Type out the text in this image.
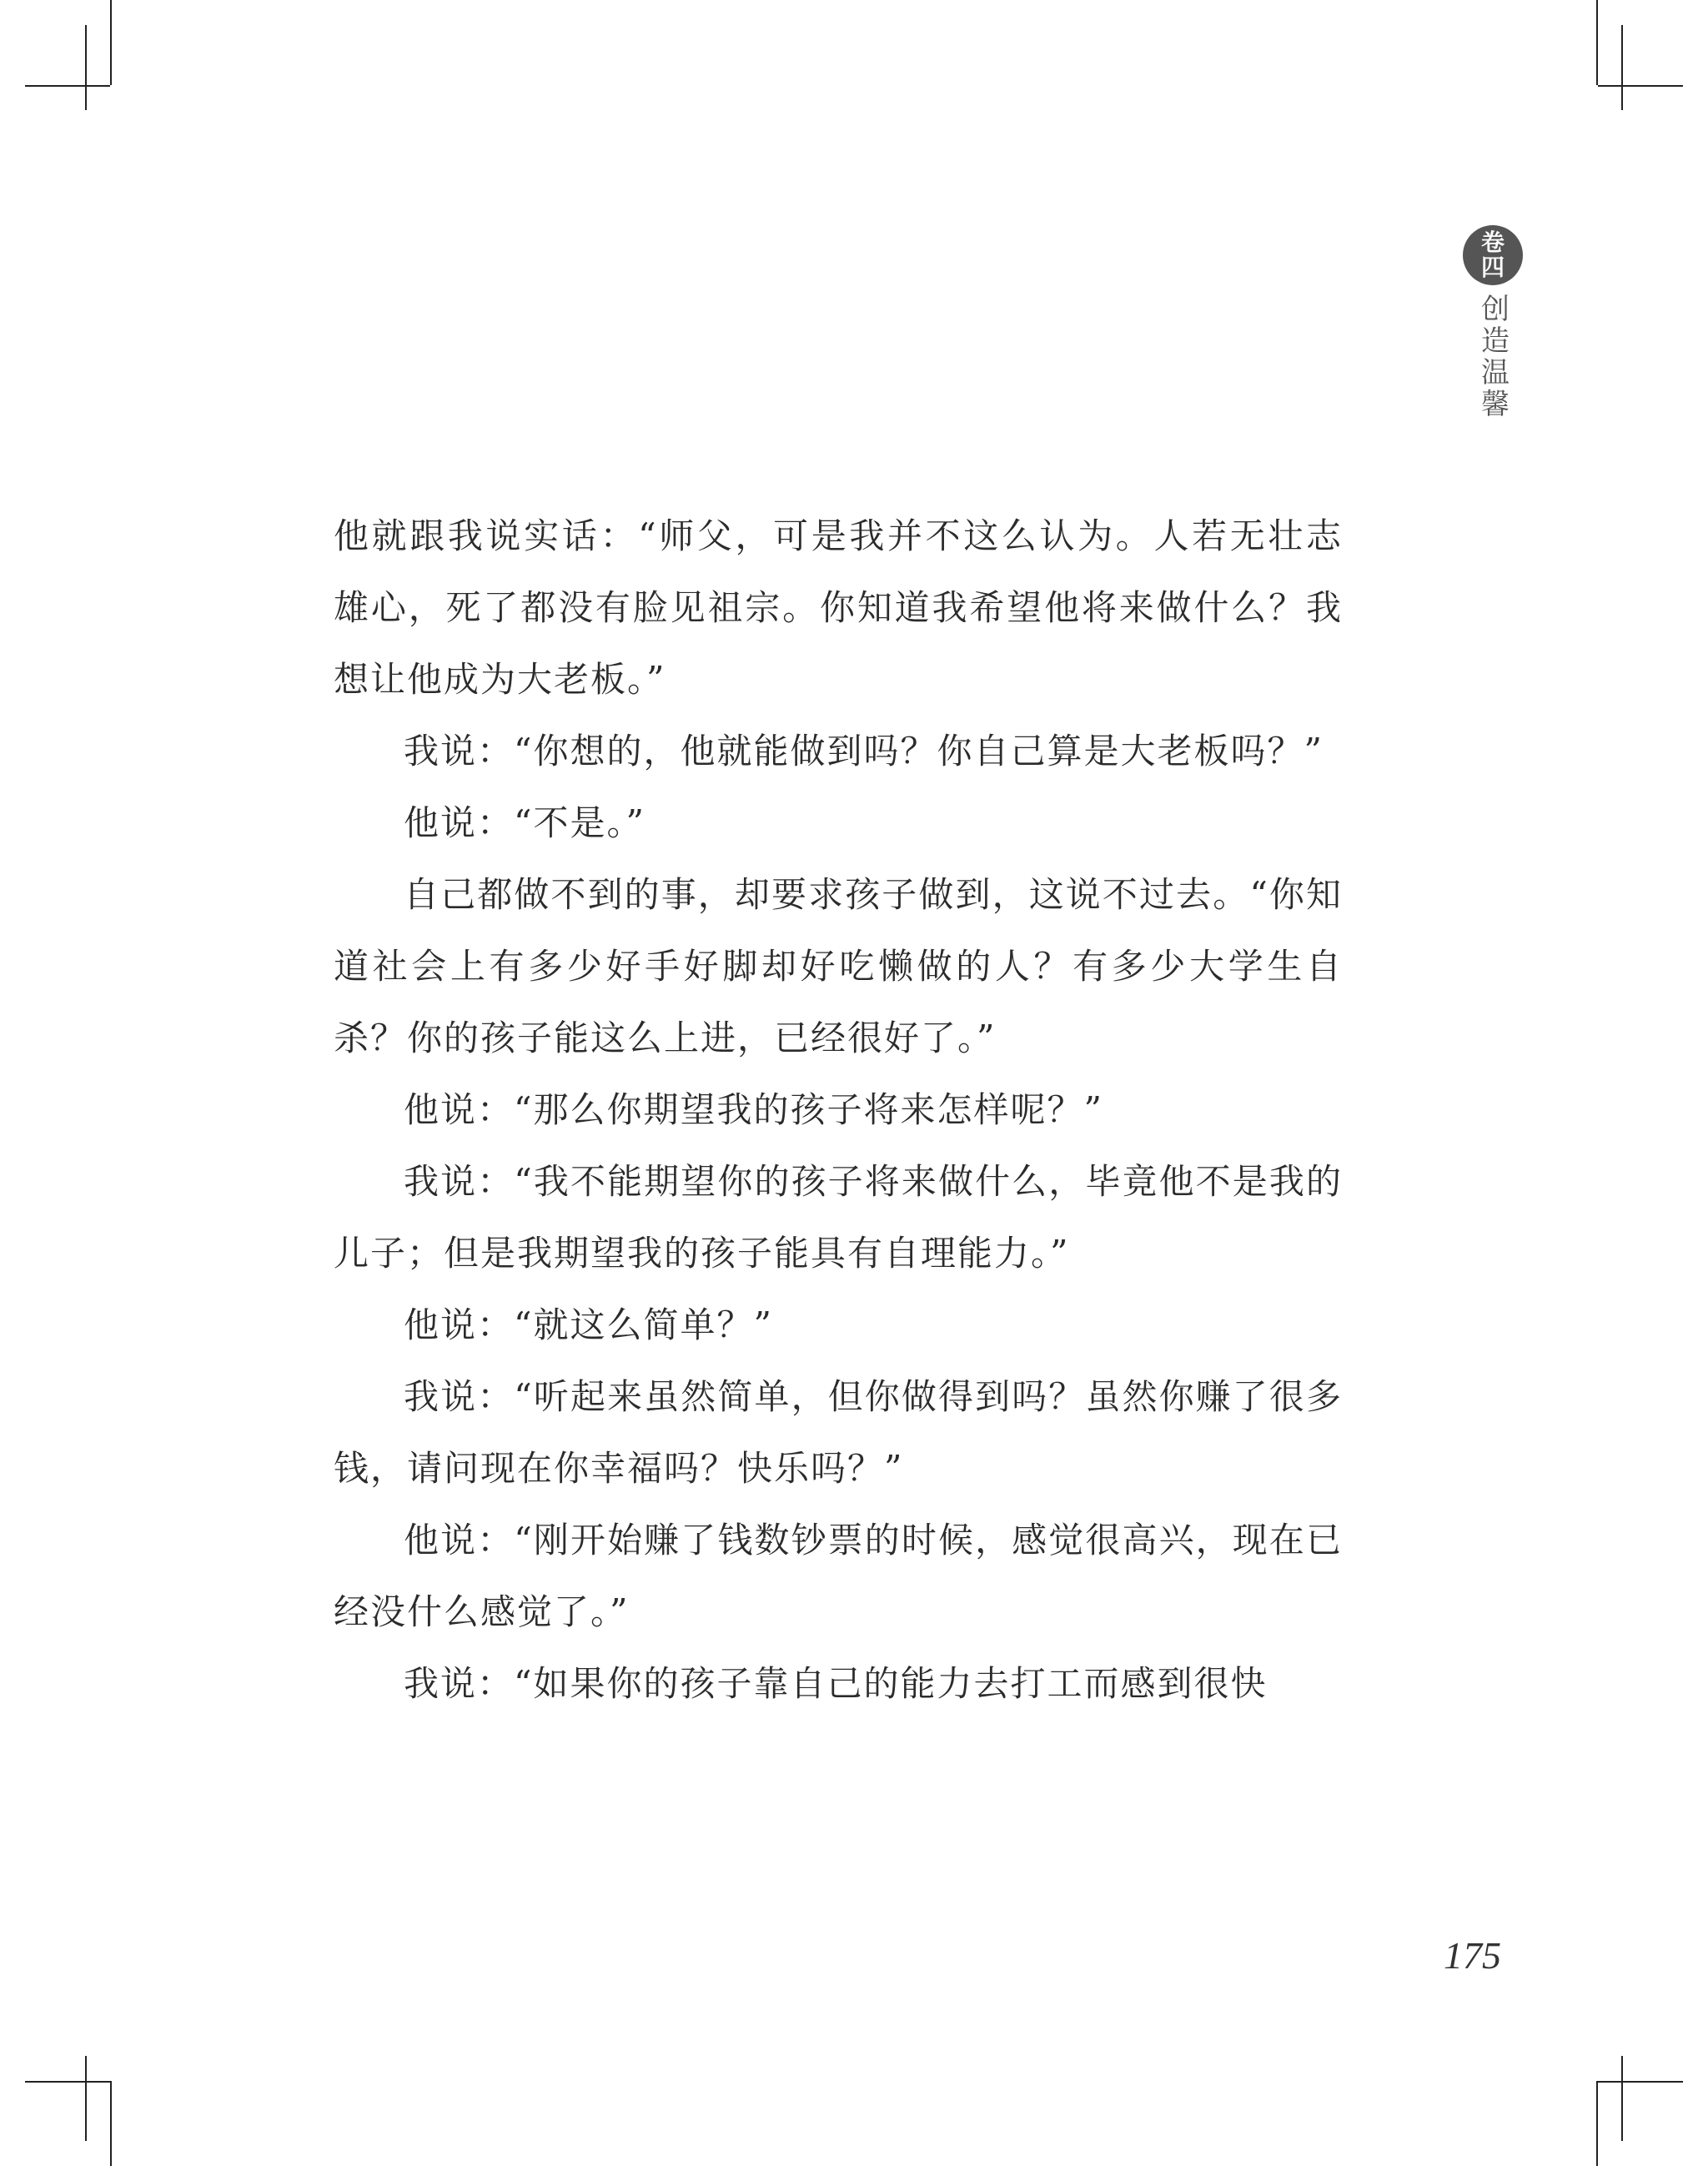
卷
四
创造温馨

他就跟我说实话：“师父，可是我并不这么认为。人若无壮志雄心，死了都没有脸见祖宗。你知道我希望他将来做什么？我想让他成为大老板。”

我说：“你想的，他就能做到吗？你自己算是大老板吗？”

他说：“不是。”

自己都做不到的事，却要求孩子做到，这说不过去。“你知道社会上有多少好手好脚却好吃懒做的人？有多少大学生自杀？你的孩子能这么上进，已经很好了。”

他说：“那么你期望我的孩子将来怎样呢？”

我说：“我不能期望你的孩子将来做什么，毕竟他不是我的儿子；但是我期望我的孩子能具有自理能力。”

他说：“就这么简单？”

我说：“听起来虽然简单，但你做得到吗？虽然你赚了很多钱，请问现在你幸福吗？快乐吗？”

他说：“刚开始赚了钱数钞票的时候，感觉很高兴，现在已经没什么感觉了。”

我说：“如果你的孩子靠自己的能力去打工而感到很快

175
